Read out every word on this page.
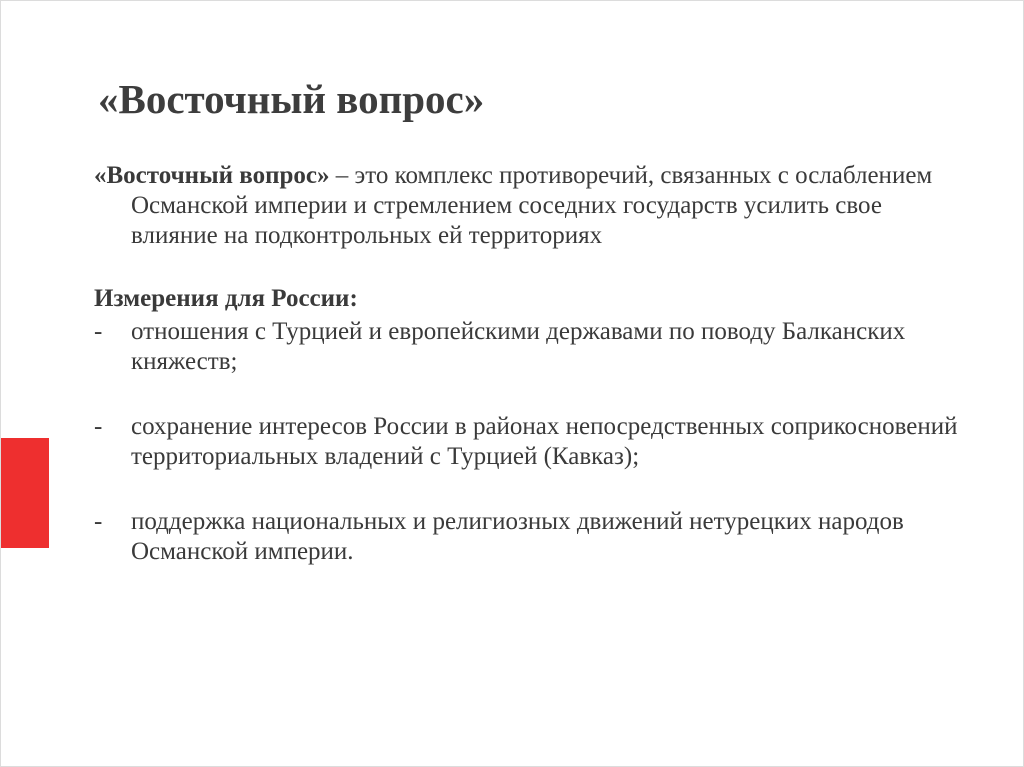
«Восточный вопрос»

«Восточный вопрос» – это комплекс противоречий, связанных с ослаблением Османской империи и стремлением соседних государств усилить свое влияние на подконтрольных ей территориях

Измерения для России:

- отношения с Турцией и европейскими державами по поводу Балканских княжеств;
- сохранение интересов России в районах непосредственных соприкосновений территориальных владений с Турцией (Кавказ);
- поддержка национальных и религиозных движений нетурецких народов Османской империи.
